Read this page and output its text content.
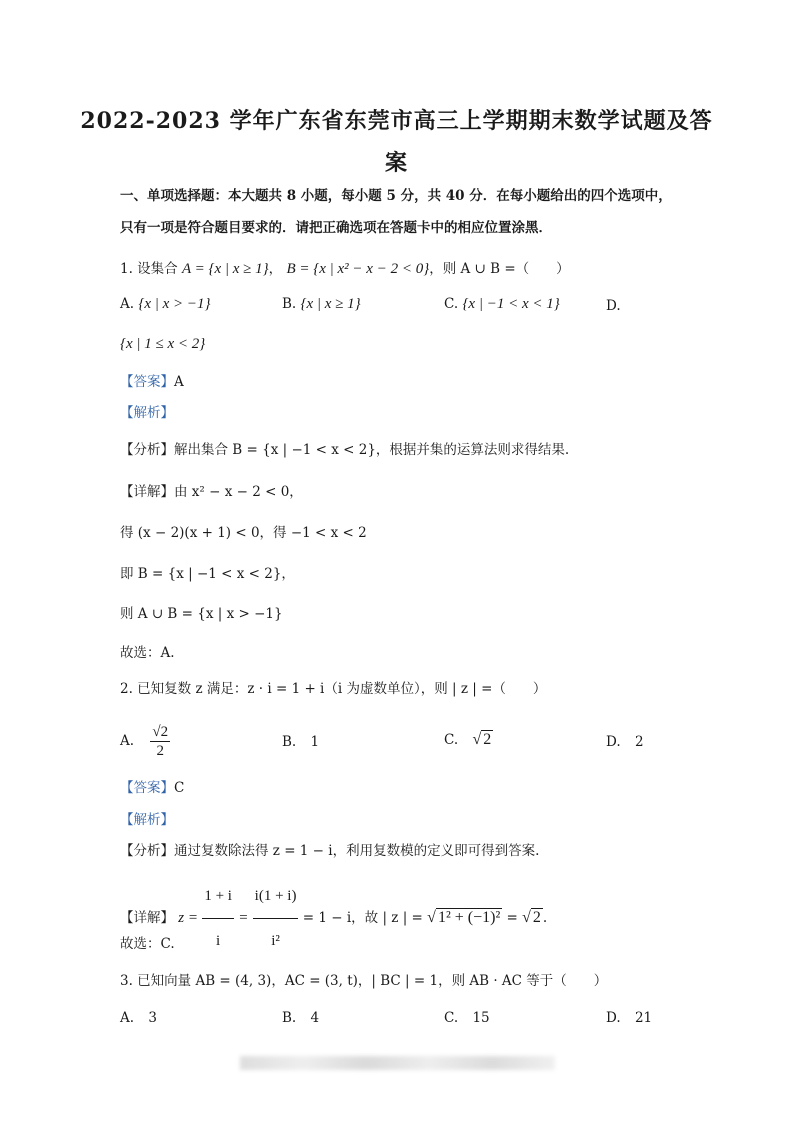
2022-2023 学年广东省东莞市高三上学期期末数学试题及答
案
一、单项选择题：本大题共 8 小题，每小题 5 分，共 40 分．在每小题给出的四个选项中，
只有一项是符合题目要求的．请把正确选项在答题卡中的相应位置涂黑．
1. 设集合 A = {x | x ≥ 1}， B = {x | x² − x − 2 < 0}，则 A ∪ B =（　　）
A. {x | x > −1}	B. {x | x ≥ 1}	C. {x | −1 < x < 1}	D.
{x | 1 ≤ x < 2}
【答案】A
【解析】
【分析】解出集合 B = {x | −1 < x < 2}，根据并集的运算法则求得结果.
【详解】由 x² − x − 2 < 0，
得 (x − 2)(x + 1) < 0，得 −1 < x < 2
即 B = {x | −1 < x < 2}，
则 A ∪ B = {x | x > −1}
故选：A.
2. 已知复数 z 满足：z · i = 1 + i（i 为虚数单位），则 | z | =（　　）
A. $\frac{√2}{2}$	B. 1	C. √ 2	D. 2
【答案】C
【解析】
【分析】通过复数除法得 z = 1 − i，利用复数模的定义即可得到答案.
【详解】 $z = \frac{1 + i}{i} = \frac{i(1 + i)}{\text{i²}} = 1 - i$，故 | z | = √ 1² + (−1)² = √ 2 .
故选：C.
3. 已知向量 AB = (4, 3)，AC = (3, t)，| BC | = 1，则 AB · AC 等于（　　）
A. 3	B. 4	C. 15	D. 21
